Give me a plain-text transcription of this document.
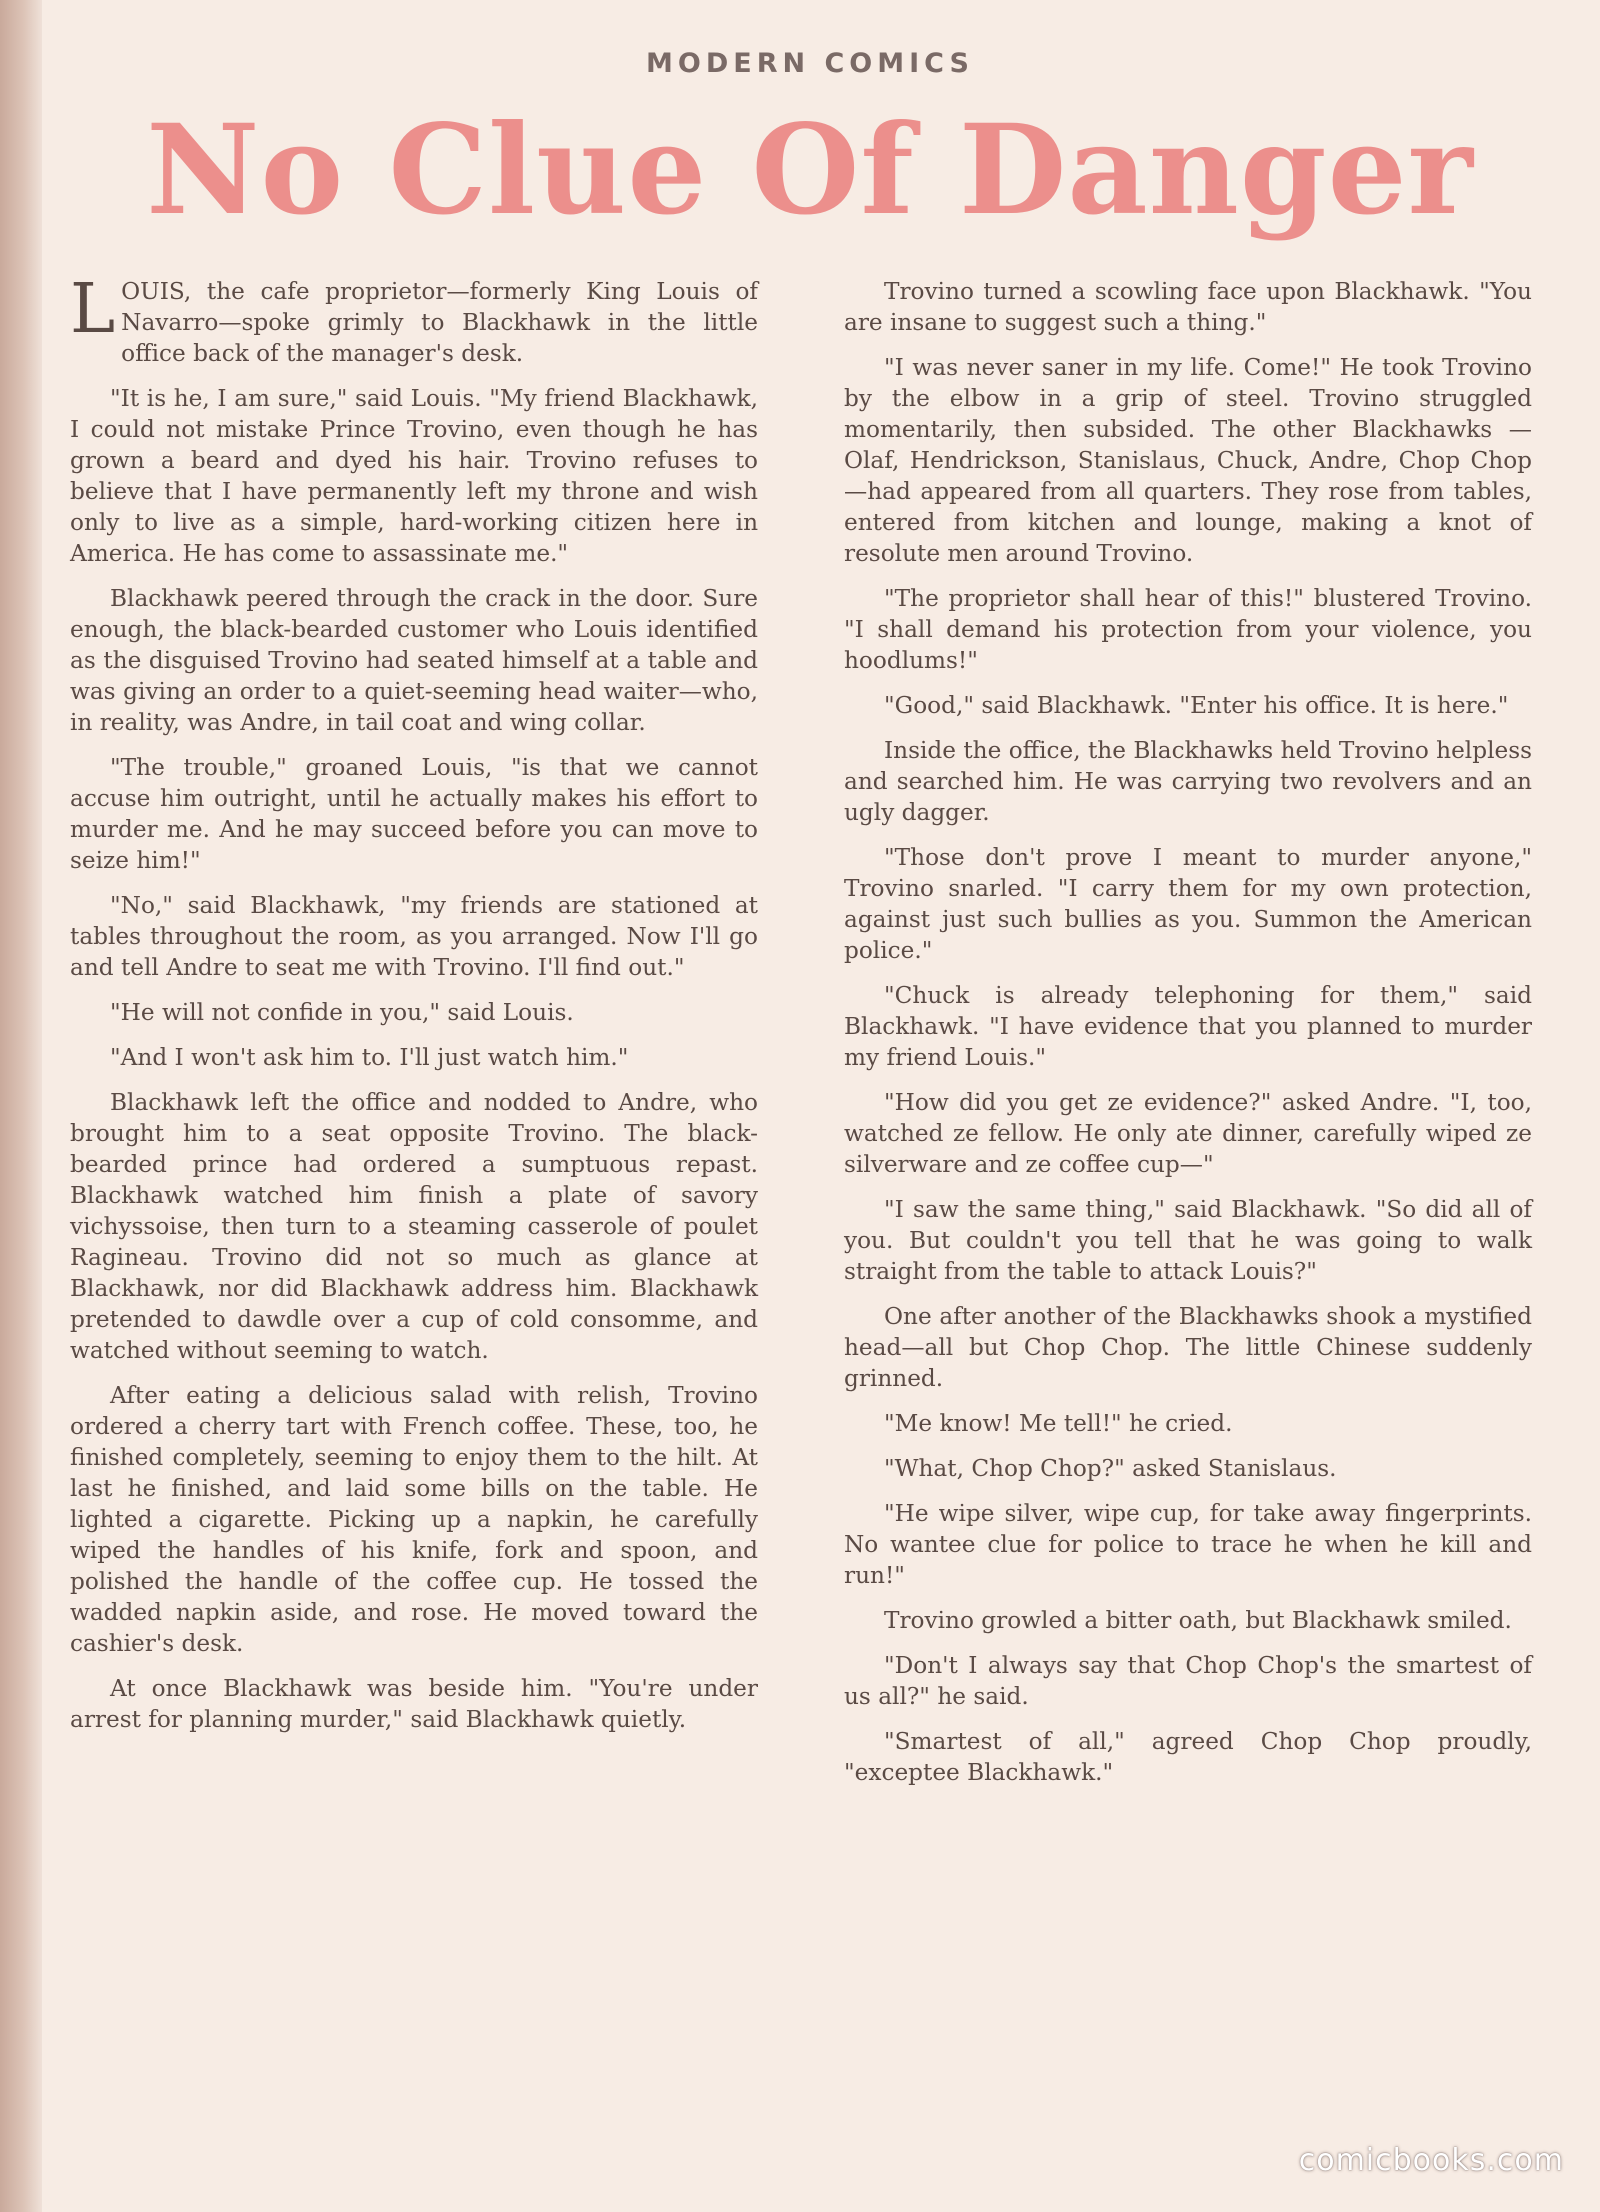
MODERN COMICS
No Clue Of Danger

LOUIS, the cafe proprietor—formerly King Louis of Navarro—spoke grimly to Blackhawk in the little office back of the manager's desk.

"It is he, I am sure," said Louis. "My friend Blackhawk, I could not mistake Prince Trovino, even though he has grown a beard and dyed his hair. Trovino refuses to believe that I have permanently left my throne and wish only to live as a simple, hard-working citizen here in America. He has come to assassinate me."

Blackhawk peered through the crack in the door. Sure enough, the black-bearded customer who Louis identified as the disguised Trovino had seated himself at a table and was giving an order to a quiet-seeming head waiter—who, in reality, was Andre, in tail coat and wing collar.

"The trouble," groaned Louis, "is that we cannot accuse him outright, until he actually makes his effort to murder me. And he may succeed before you can move to seize him!"

"No," said Blackhawk, "my friends are stationed at tables throughout the room, as you arranged. Now I'll go and tell Andre to seat me with Trovino. I'll find out."

"He will not confide in you," said Louis.

"And I won't ask him to. I'll just watch him."

Blackhawk left the office and nodded to Andre, who brought him to a seat opposite Trovino. The black-bearded prince had ordered a sumptuous repast. Blackhawk watched him finish a plate of savory vichyssoise, then turn to a steaming casserole of poulet Ragineau. Trovino did not so much as glance at Blackhawk, nor did Blackhawk address him. Blackhawk pretended to dawdle over a cup of cold consomme, and watched without seeming to watch.

After eating a delicious salad with relish, Trovino ordered a cherry tart with French coffee. These, too, he finished completely, seeming to enjoy them to the hilt. At last he finished, and laid some bills on the table. He lighted a cigarette. Picking up a napkin, he carefully wiped the handles of his knife, fork and spoon, and polished the handle of the coffee cup. He tossed the wadded napkin aside, and rose. He moved toward the cashier's desk.

At once Blackhawk was beside him. "You're under arrest for planning murder," said Blackhawk quietly.

Trovino turned a scowling face upon Blackhawk. "You are insane to suggest such a thing."

"I was never saner in my life. Come!" He took Trovino by the elbow in a grip of steel. Trovino struggled momentarily, then subsided. The other Blackhawks — Olaf, Hendrickson, Stanislaus, Chuck, Andre, Chop Chop—had appeared from all quarters. They rose from tables, entered from kitchen and lounge, making a knot of resolute men around Trovino.

"The proprietor shall hear of this!" blustered Trovino. "I shall demand his protection from your violence, you hoodlums!"

"Good," said Blackhawk. "Enter his office. It is here."

Inside the office, the Blackhawks held Trovino helpless and searched him. He was carrying two revolvers and an ugly dagger.

"Those don't prove I meant to murder anyone," Trovino snarled. "I carry them for my own protection, against just such bullies as you. Summon the American police."

"Chuck is already telephoning for them," said Blackhawk. "I have evidence that you planned to murder my friend Louis."

"How did you get ze evidence?" asked Andre. "I, too, watched ze fellow. He only ate dinner, carefully wiped ze silverware and ze coffee cup—"

"I saw the same thing," said Blackhawk. "So did all of you. But couldn't you tell that he was going to walk straight from the table to attack Louis?"

One after another of the Blackhawks shook a mystified head—all but Chop Chop. The little Chinese suddenly grinned.

"Me know! Me tell!" he cried.

"What, Chop Chop?" asked Stanislaus.

"He wipe silver, wipe cup, for take away fingerprints. No wantee clue for police to trace he when he kill and run!"

Trovino growled a bitter oath, but Blackhawk smiled.

"Don't I always say that Chop Chop's the smartest of us all?" he said.

"Smartest of all," agreed Chop Chop proudly, "exceptee Blackhawk."

comicbooks.com
